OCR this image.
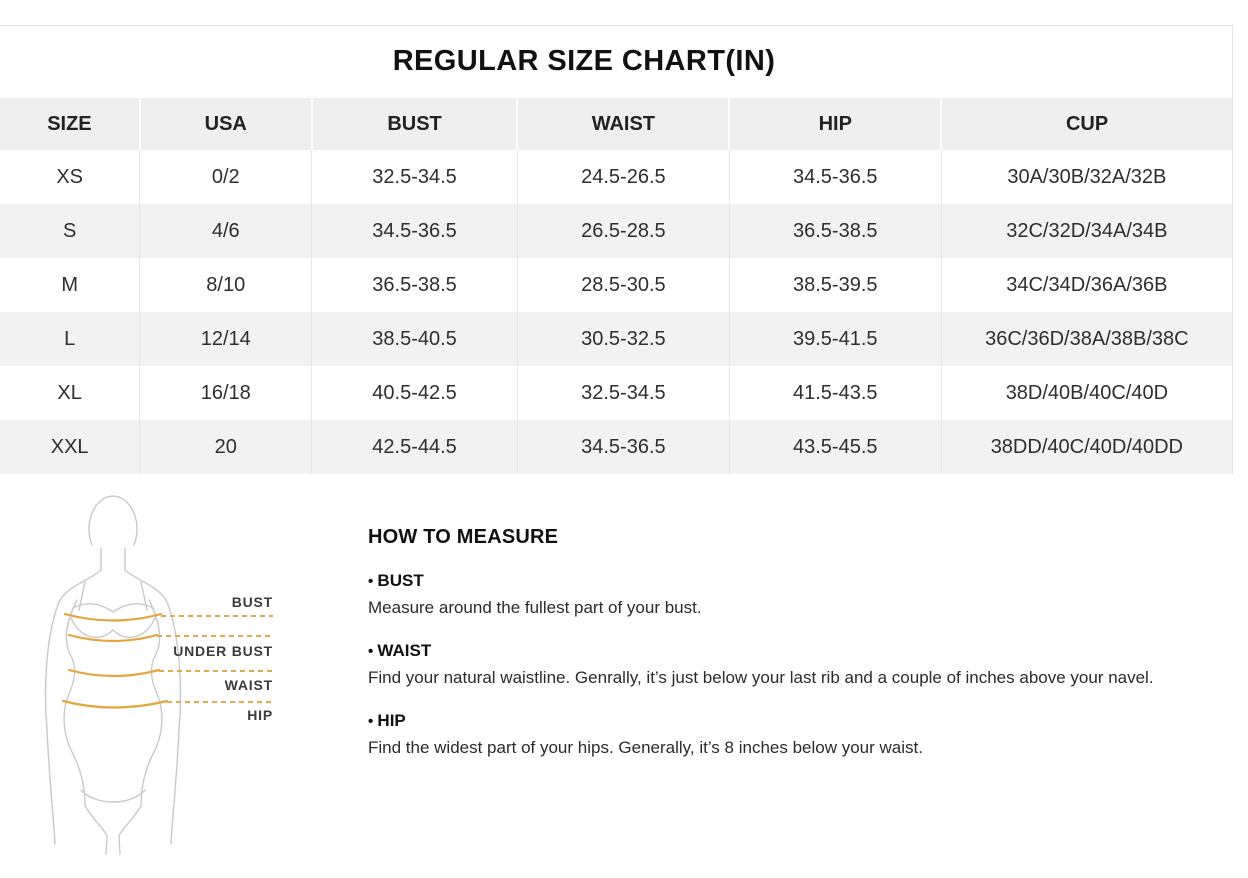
REGULAR SIZE CHART(IN)
SIZE	USA	BUST	WAIST	HIP	CUP
XS	0/2	32.5-34.5	24.5-26.5	34.5-36.5	30A/30B/32A/32B
S	4/6	34.5-36.5	26.5-28.5	36.5-38.5	32C/32D/34A/34B
M	8/10	36.5-38.5	28.5-30.5	38.5-39.5	34C/34D/36A/36B
L	12/14	38.5-40.5	30.5-32.5	39.5-41.5	36C/36D/38A/38B/38C
XL	16/18	40.5-42.5	32.5-34.5	41.5-43.5	38D/40B/40C/40D
XXL	20	42.5-44.5	34.5-36.5	43.5-45.5	38DD/40C/40D/40DD
BUST
UNDER BUST
WAIST
HIP
HOW TO MEASURE
• BUST
Measure around the fullest part of your bust.
• WAIST
Find your natural waistline. Genrally, it’s just below your last rib and a couple of inches above your navel.
• HIP
Find the widest part of your hips. Generally, it’s 8 inches below your waist.
